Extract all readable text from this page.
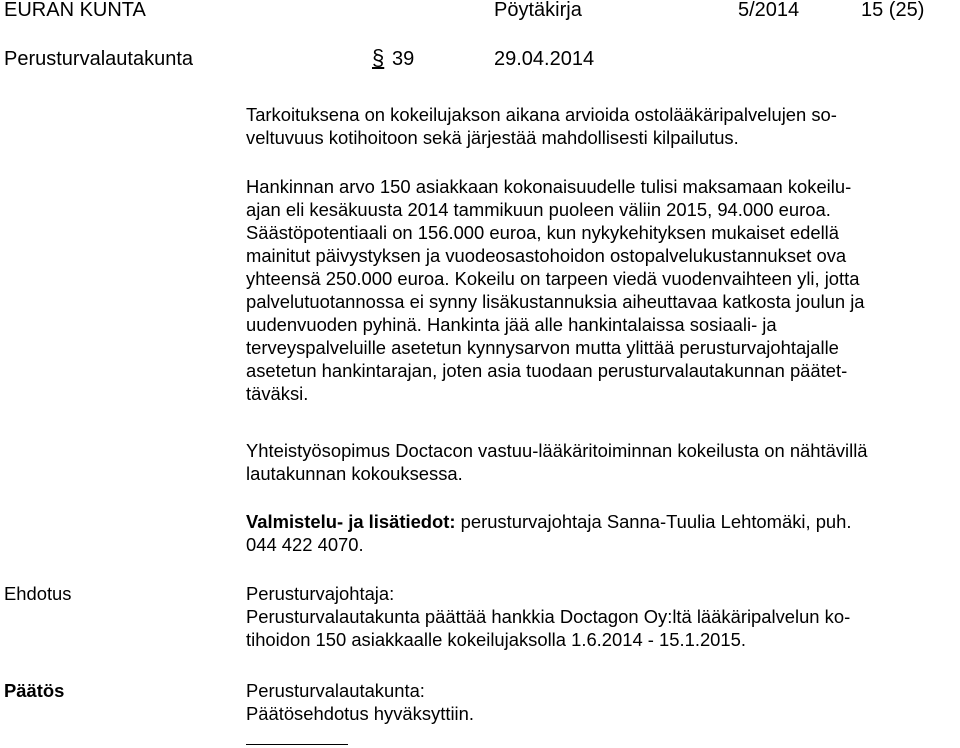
EURAN KUNTA	Pöytäkirja	5/2014	15 (25)
Perusturvalautakunta	§ 39	29.04.2014
Tarkoituksena on kokeilujakson aikana arvioida ostolääkäripalvelujen so-
veltuvuus kotihoitoon sekä järjestää mahdollisesti kilpailutus.
Hankinnan arvo 150 asiakkaan kokonaisuudelle tulisi maksamaan kokeilu-
ajan eli kesäkuusta 2014 tammikuun puoleen väliin 2015, 94.000 euroa.
Säästöpotentiaali on 156.000 euroa, kun nykykehityksen mukaiset edellä
mainitut päivystyksen ja vuodeosastohoidon ostopalvelukustannukset ova
yhteensä 250.000 euroa. Kokeilu on tarpeen viedä vuodenvaihteen yli, jotta
palvelutuotannossa ei synny lisäkustannuksia aiheuttavaa katkosta joulun ja
uudenvuoden pyhinä. Hankinta jää alle hankintalaissa sosiaali- ja
terveyspalveluille asetetun kynnysarvon mutta ylittää perusturvajohtajalle
asetetun hankintarajan, joten asia tuodaan perusturvalautakunnan päätet-
täväksi.
Yhteistyösopimus Doctacon vastuu-lääkäritoiminnan kokeilusta on nähtävillä
lautakunnan kokouksessa.
Valmistelu- ja lisätiedot: perusturvajohtaja Sanna-Tuulia Lehtomäki, puh.
044 422 4070.
Ehdotus	Perusturvajohtaja:
Perusturvalautakunta päättää hankkia Doctagon Oy:ltä lääkäripalvelun ko-
tihoidon 150 asiakkaalle kokeilujaksolla 1.6.2014 - 15.1.2015.
Päätös	Perusturvalautakunta:
Päätösehdotus hyväksyttiin.
